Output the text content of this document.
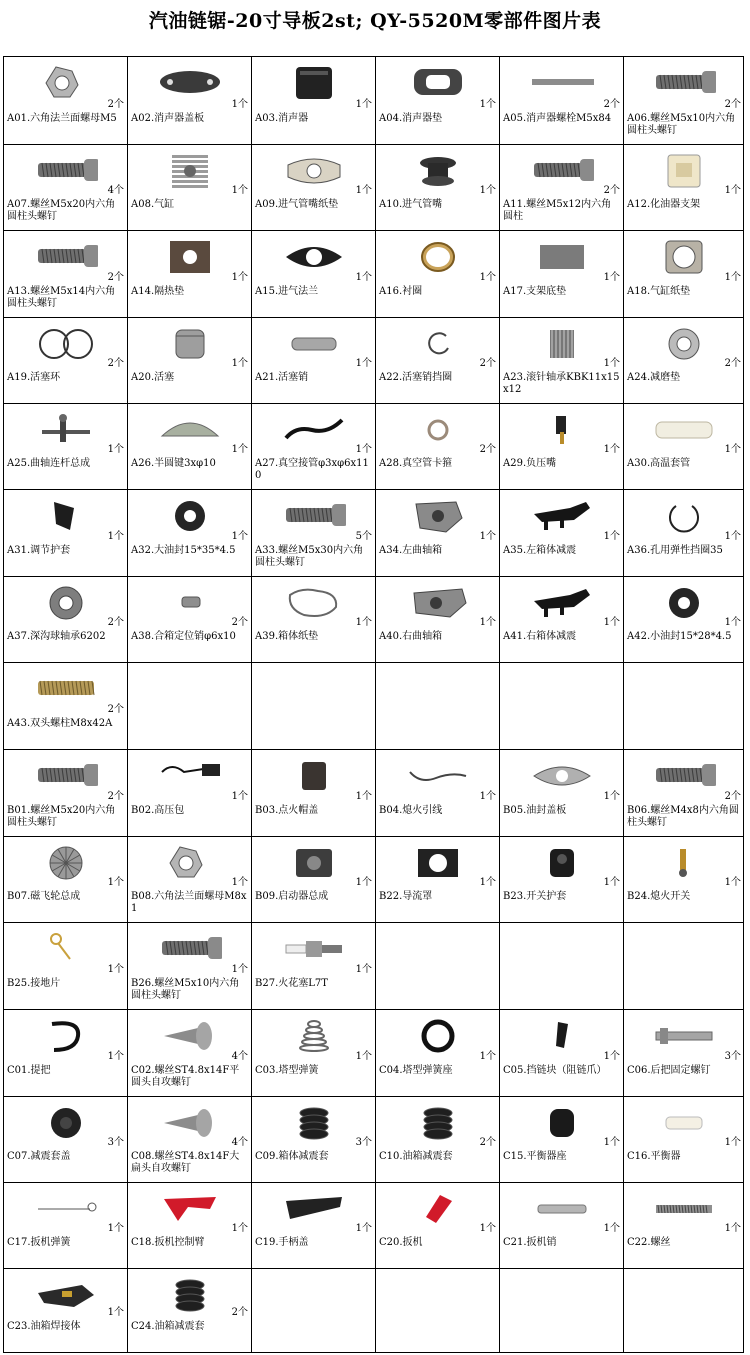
汽油链锯-20寸导板2st; QY-5520M零部件图片表
2个
A01.六角法兰面螺母M5
1个
A02.消声器盖板
1个
A03.消声器
1个
A04.消声器垫
2个
A05.消声器螺栓M5x84
2个
A06.螺丝M5x10内六角圆柱头螺钉
4个
A07.螺丝M5x20内六角圆柱头螺钉
1个
A08.气缸
1个
A09.进气管嘴纸垫
1个
A10.进气管嘴
2个
A11.螺丝M5x12内六角圆柱
1个
A12.化油器支架
2个
A13.螺丝M5x14内六角圆柱头螺钉
1个
A14.隔热垫
1个
A15.进气法兰
1个
A16.衬圈
1个
A17.支架底垫
1个
A18.气缸纸垫
2个
A19.活塞环
1个
A20.活塞
1个
A21.活塞销
2个
A22.活塞销挡圈
1个
A23.滚针轴承KBK11x15x12
2个
A24.减磨垫
1个
A25.曲轴连杆总成
1个
A26.半圆键3xφ10
1个
A27.真空接管φ3xφ6x110
2个
A28.真空管卡箍
1个
A29.负压嘴
1个
A30.高温套管
1个
A31.调节护套
1个
A32.大油封15*35*4.5
5个
A33.螺丝M5x30内六角圆柱头螺钉
1个
A34.左曲轴箱
1个
A35.左箱体减震
1个
A36.孔用弹性挡圈35
2个
A37.深沟球轴承6202
2个
A38.合箱定位销φ6x10
1个
A39.箱体纸垫
1个
A40.右曲轴箱
1个
A41.右箱体减震
1个
A42.小油封15*28*4.5
2个
A43.双头螺柱M8x42A
2个
B01.螺丝M5x20内六角圆柱头螺钉
1个
B02.高压包
1个
B03.点火帽盖
1个
B04.熄火引线
1个
B05.油封盖板
2个
B06.螺丝M4x8内六角圆柱头螺钉
1个
B07.磁飞轮总成
1个
B08.六角法兰面螺母M8x1
1个
B09.启动器总成
1个
B22.导流罩
1个
B23.开关护套
1个
B24.熄火开关
1个
B25.接地片
1个
B26.螺丝M5x10内六角圆柱头螺钉
1个
B27.火花塞L7T
1个
C01.提把
4个
C02.螺丝ST4.8x14F平圆头自攻螺钉
1个
C03.塔型弹簧
1个
C04.塔型弹簧座
1个
C05.挡链块（阻链爪）
3个
C06.后把固定螺钉
3个
C07.减震套盖
4个
C08.螺丝ST4.8x14F大扁头自攻螺钉
3个
C09.箱体减震套
2个
C10.油箱减震套
1个
C15.平衡器座
1个
C16.平衡器
1个
C17.扳机弹簧
1个
C18.扳机控制臂
1个
C19.手柄盖
1个
C20.扳机
1个
C21.扳机销
1个
C22.螺丝
1个
C23.油箱焊接体
2个
C24.油箱减震套
